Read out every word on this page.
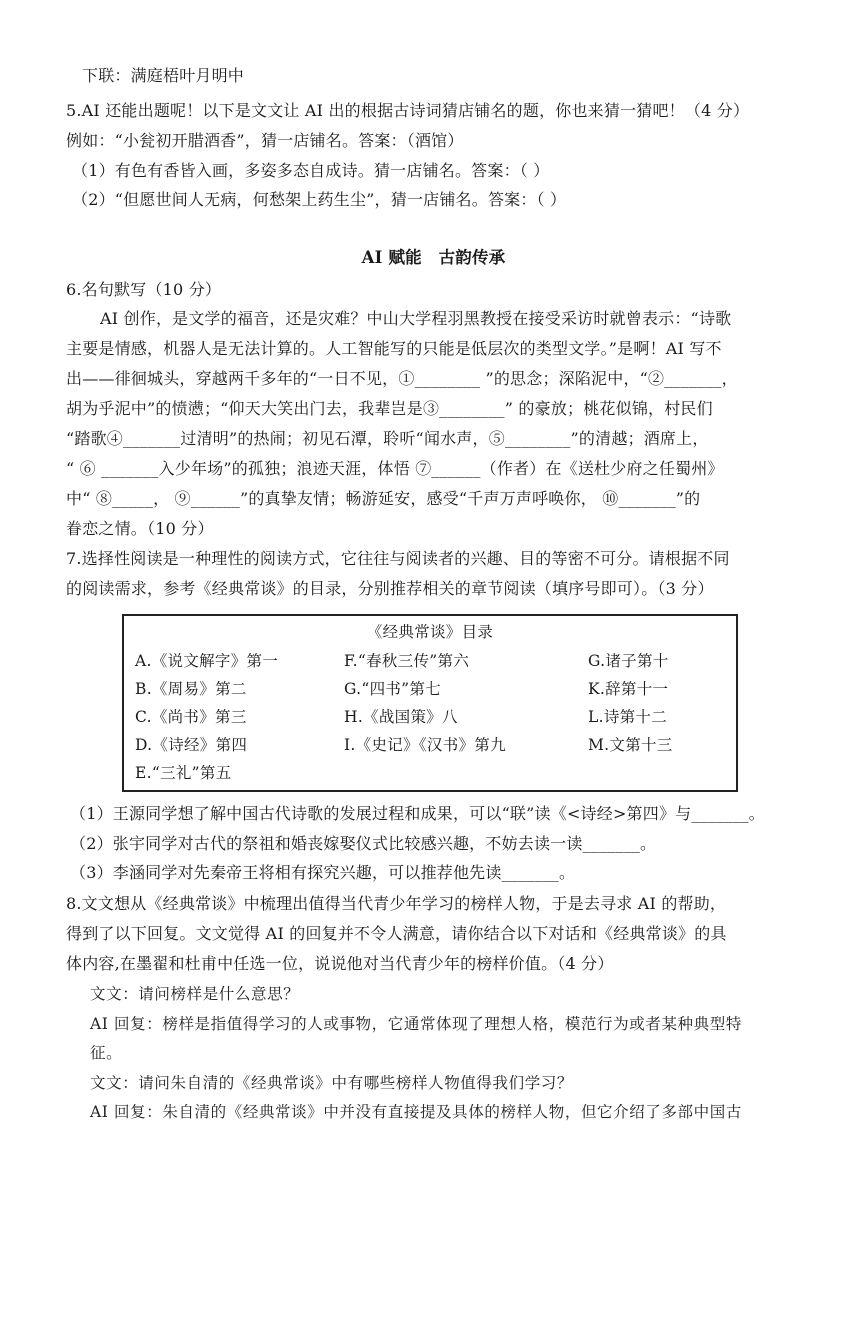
下联：满庭梧叶月明中
5.AI 还能出题呢！以下是文文让 AI 出的根据古诗词猜店铺名的题，你也来猜一猜吧！（4 分）
例如：“小瓮初开腊酒香”，猜一店铺名。答案：（酒馆）
（1）有色有香皆入画，多姿多态自成诗。猜一店铺名。答案：（ ）
（2）“但愿世间人无病，何愁架上药生尘”，猜一店铺名。答案：（ ）
AI 赋能　古韵传承
6.名句默写（10 分）
AI 创作，是文学的福音，还是灾难？中山大学程羽黑教授在接受采访时就曾表示：“诗歌
主要是情感，机器人是无法计算的。人工智能写的只能是低层次的类型文学。”是啊！AI 写不
出——徘徊城头，穿越两千多年的“一日不见，①________ ”的思念；深陷泥中，“②_______，
胡为乎泥中”的愤懑；“仰天大笑出门去，我辈岂是③________” 的豪放；桃花似锦，村民们
“踏歌④_______过清明”的热闹；初见石潭，聆听“闻水声，⑤________”的清越；酒席上，
“ ⑥ _______入少年场”的孤独；浪迹天涯，体悟 ⑦______（作者）在《送杜少府之任蜀州》
中“ ⑧_____， ⑨______”的真挚友情；畅游延安，感受“千声万声呼唤你， ⑩_______”的
眷恋之情。（10 分）
7.选择性阅读是一种理性的阅读方式，它往往与阅读者的兴趣、目的等密不可分。请根据不同
的阅读需求，参考《经典常谈》的目录，分别推荐相关的章节阅读（填序号即可）。（3 分）
《经典常谈》目录
A.《说文解字》第一
B.《周易》第二
C.《尚书》第三
D.《诗经》第四
E.“三礼”第五
F.“春秋三传”第六
G.“四书”第七
H.《战国策》八
I.《史记》《汉书》第九
G.诸子第十
K.辞第十一
L.诗第十二
M.文第十三
（1）王源同学想了解中国古代诗歌的发展过程和成果，可以“联”读《<诗经>第四》与_______。
（2）张宇同学对古代的祭祖和婚丧嫁娶仪式比较感兴趣，不妨去读一读_______。
（3）李涵同学对先秦帝王将相有探究兴趣，可以推荐他先读_______。
8.文文想从《经典常谈》中梳理出值得当代青少年学习的榜样人物，于是去寻求 AI 的帮助，
得到了以下回复。文文觉得 AI 的回复并不令人满意，请你结合以下对话和《经典常谈》的具
体内容,在墨翟和杜甫中任选一位，说说他对当代青少年的榜样价值。（4 分）
文文：请问榜样是什么意思？
AI 回复：榜样是指值得学习的人或事物，它通常体现了理想人格，模范行为或者某种典型特
征。
文文：请问朱自清的《经典常谈》中有哪些榜样人物值得我们学习？
AI 回复：朱自清的《经典常谈》中并没有直接提及具体的榜样人物，但它介绍了多部中国古
